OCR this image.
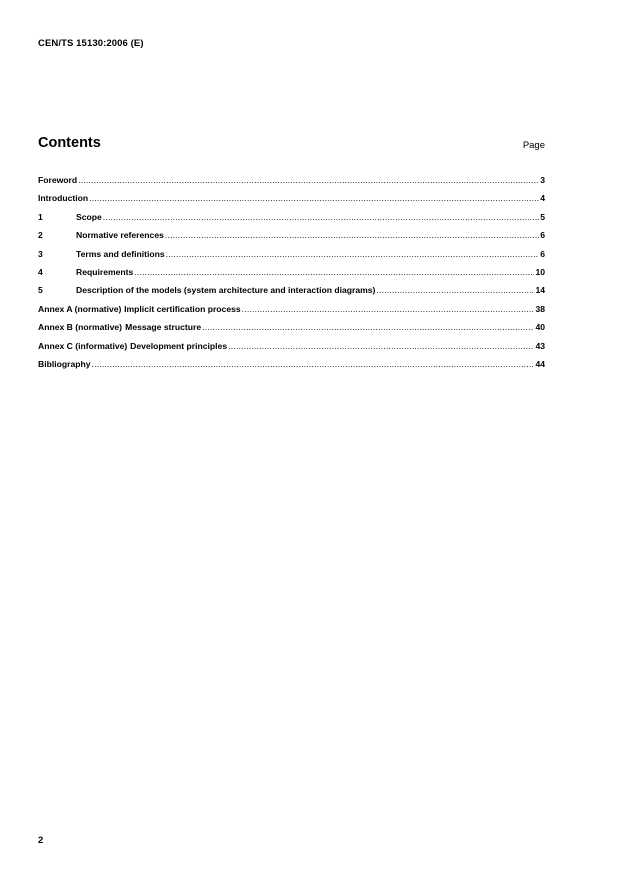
CEN/TS 15130:2006 (E)
Contents	Page
Foreword .....	3
Introduction .....	4
1	Scope .....	5
2	Normative references .....	6
3	Terms and definitions .....	6
4	Requirements .....	10
5	Description of the models (system architecture and interaction diagrams) .....	14
Annex A (normative) Implicit certification process .....	38
Annex B (normative) Message structure .....	40
Annex C (informative) Development principles .....	43
Bibliography .....	44
2
